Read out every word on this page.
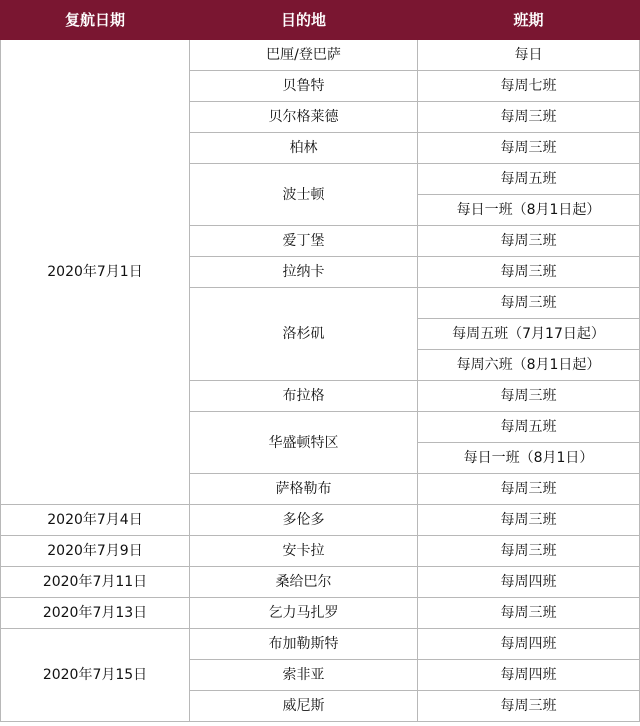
复航日期	目的地	班期
2020年7月1日	巴厘/登巴萨	每日
	贝鲁特	每周七班
	贝尔格莱德	每周三班
	柏林	每周三班
	波士顿	每周五班
		每日一班（8月1日起）
	爱丁堡	每周三班
	拉纳卡	每周三班
	洛杉矶	每周三班
		每周五班（7月17日起）
		每周六班（8月1日起）
	布拉格	每周三班
	华盛顿特区	每周五班
		每日一班（8月1日）
	萨格勒布	每周三班
2020年7月4日	多伦多	每周三班
2020年7月9日	安卡拉	每周三班
2020年7月11日	桑给巴尔	每周四班
2020年7月13日	乞力马扎罗	每周三班
2020年7月15日	布加勒斯特	每周四班
	索非亚	每周四班
	威尼斯	每周三班
